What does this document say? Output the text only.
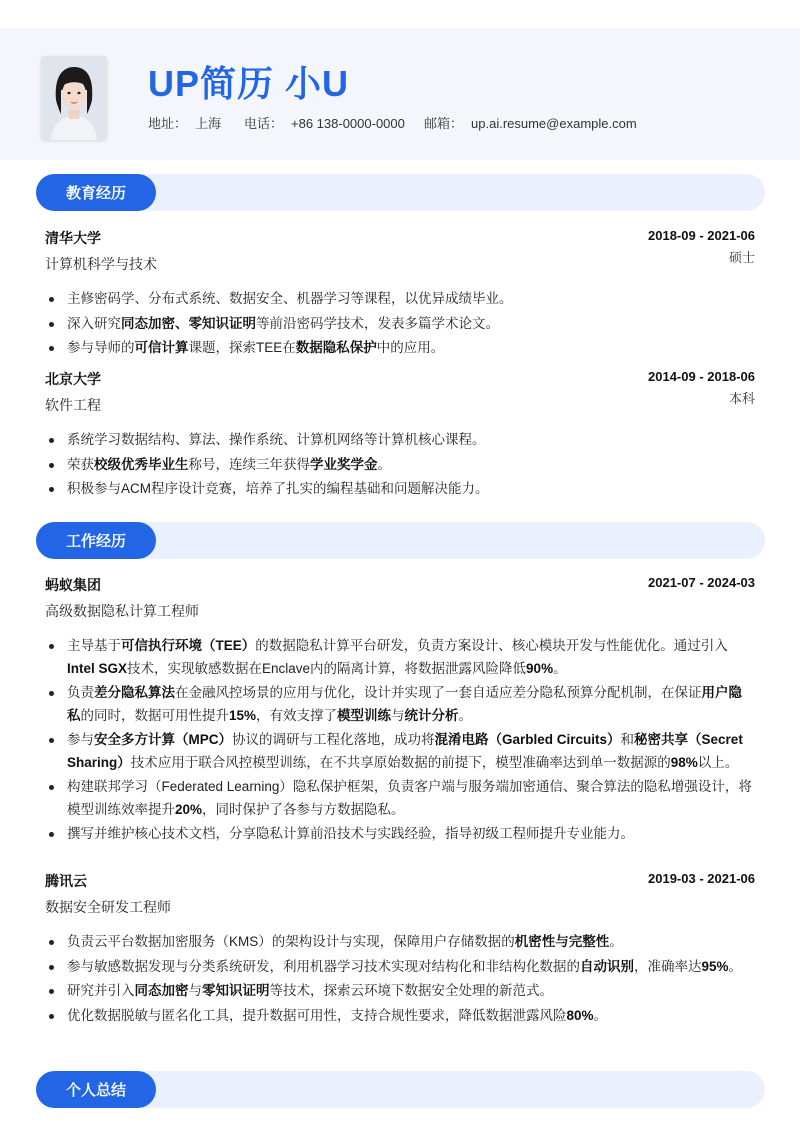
UP简历 小U
地址： 上海	电话： +86 138-0000-0000	邮箱： up.ai.resume@example.com
教育经历
清华大学	2018-09 - 2021-06
计算机科学与技术	硕士
主修密码学、分布式系统、数据安全、机器学习等课程，以优异成绩毕业。
深入研究同态加密、零知识证明等前沿密码学技术，发表多篇学术论文。
参与导师的可信计算课题，探索TEE在数据隐私保护中的应用。
北京大学	2014-09 - 2018-06
软件工程	本科
系统学习数据结构、算法、操作系统、计算机网络等计算机核心课程。
荣获校级优秀毕业生称号，连续三年获得学业奖学金。
积极参与ACM程序设计竞赛，培养了扎实的编程基础和问题解决能力。
工作经历
蚂蚁集团	2021-07 - 2024-03
高级数据隐私计算工程师
主导基于可信执行环境（TEE）的数据隐私计算平台研发，负责方案设计、核心模块开发与性能优化。通过引入Intel SGX技术，实现敏感数据在Enclave内的隔离计算，将数据泄露风险降低90%。
负责差分隐私算法在金融风控场景的应用与优化，设计并实现了一套自适应差分隐私预算分配机制，在保证用户隐私的同时，数据可用性提升15%，有效支撑了模型训练与统计分析。
参与安全多方计算（MPC）协议的调研与工程化落地，成功将混淆电路（Garbled Circuits）和秘密共享（Secret Sharing）技术应用于联合风控模型训练，在不共享原始数据的前提下，模型准确率达到单一数据源的98%以上。
构建联邦学习（Federated Learning）隐私保护框架，负责客户端与服务端加密通信、聚合算法的隐私增强设计，将模型训练效率提升20%，同时保护了各参与方数据隐私。
撰写并维护核心技术文档，分享隐私计算前沿技术与实践经验，指导初级工程师提升专业能力。
腾讯云	2019-03 - 2021-06
数据安全研发工程师
负责云平台数据加密服务（KMS）的架构设计与实现，保障用户存储数据的机密性与完整性。
参与敏感数据发现与分类系统研发，利用机器学习技术实现对结构化和非结构化数据的自动识别，准确率达95%。
研究并引入同态加密与零知识证明等技术，探索云环境下数据安全处理的新范式。
优化数据脱敏与匿名化工具，提升数据可用性，支持合规性要求，降低数据泄露风险80%。
个人总结
